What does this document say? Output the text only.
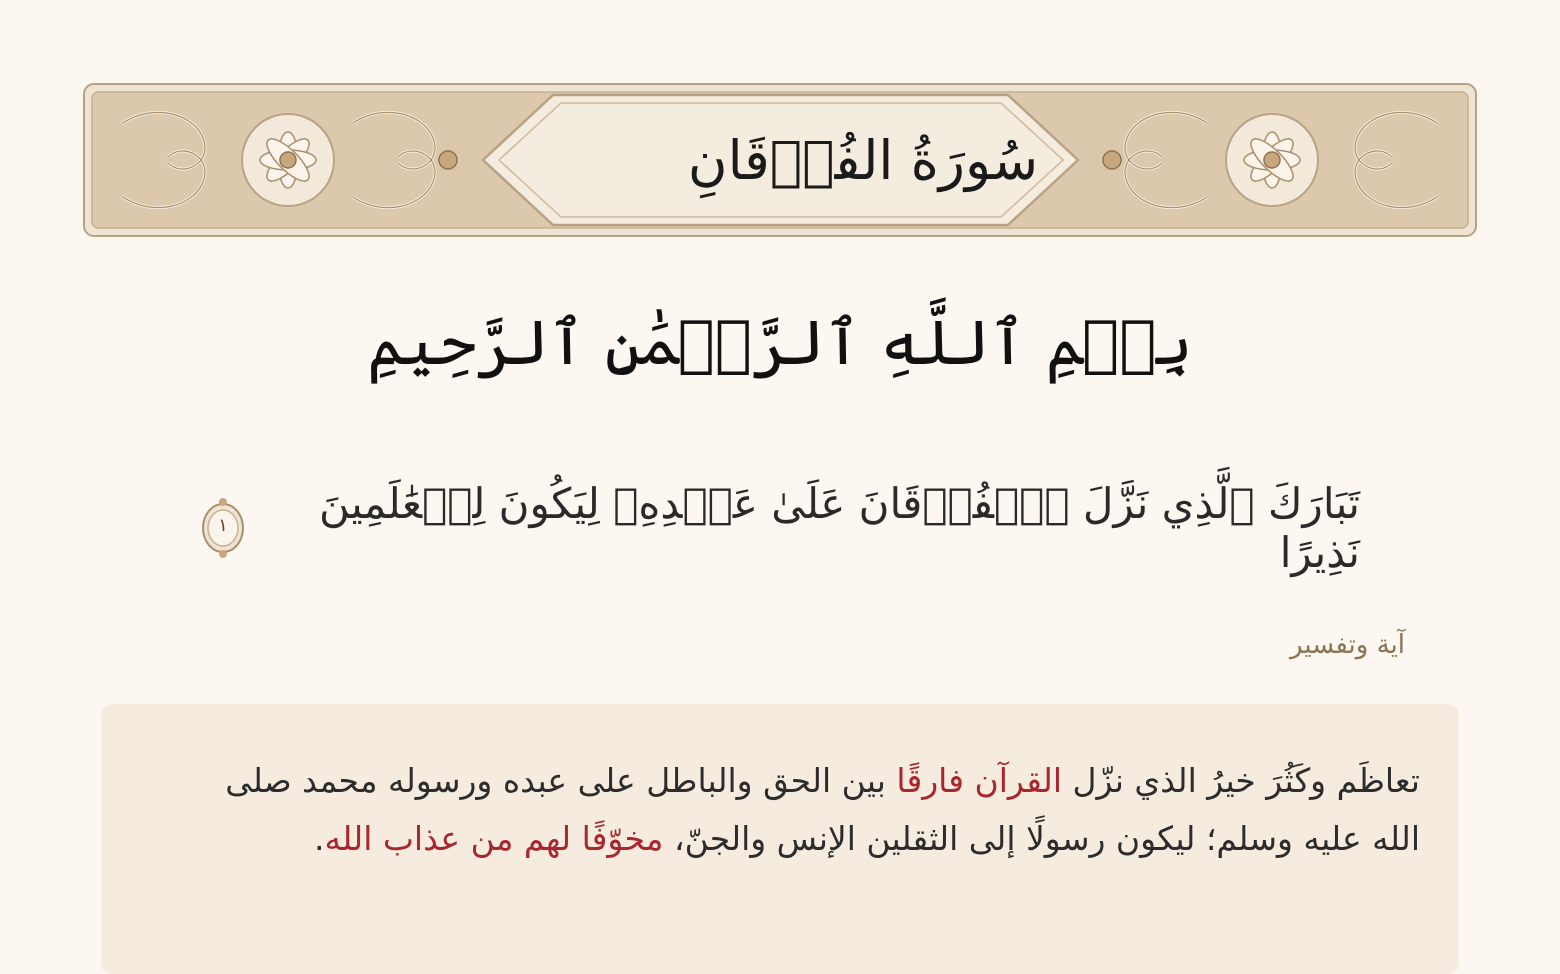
سُورَةُ الفُرۡقَانِ
بِسۡمِ ٱللَّهِ ٱلرَّحۡمَٰنِ ٱلرَّحِيمِ
تَبَارَكَ ٱلَّذِي نَزَّلَ ٱلۡفُرۡقَانَ عَلَىٰ عَبۡدِهِۦ لِيَكُونَ لِلۡعَٰلَمِينَ نَذِيرًا
١
آية وتفسير
تعاظَم وكَثُرَ خيرُ الذي نزّل القرآن فارقًا بين الحق والباطل على عبده ورسوله محمد صلى الله عليه وسلم؛ ليكون رسولًا إلى الثقلين الإنس والجنّ، مخوّفًا لهم من عذاب الله.
